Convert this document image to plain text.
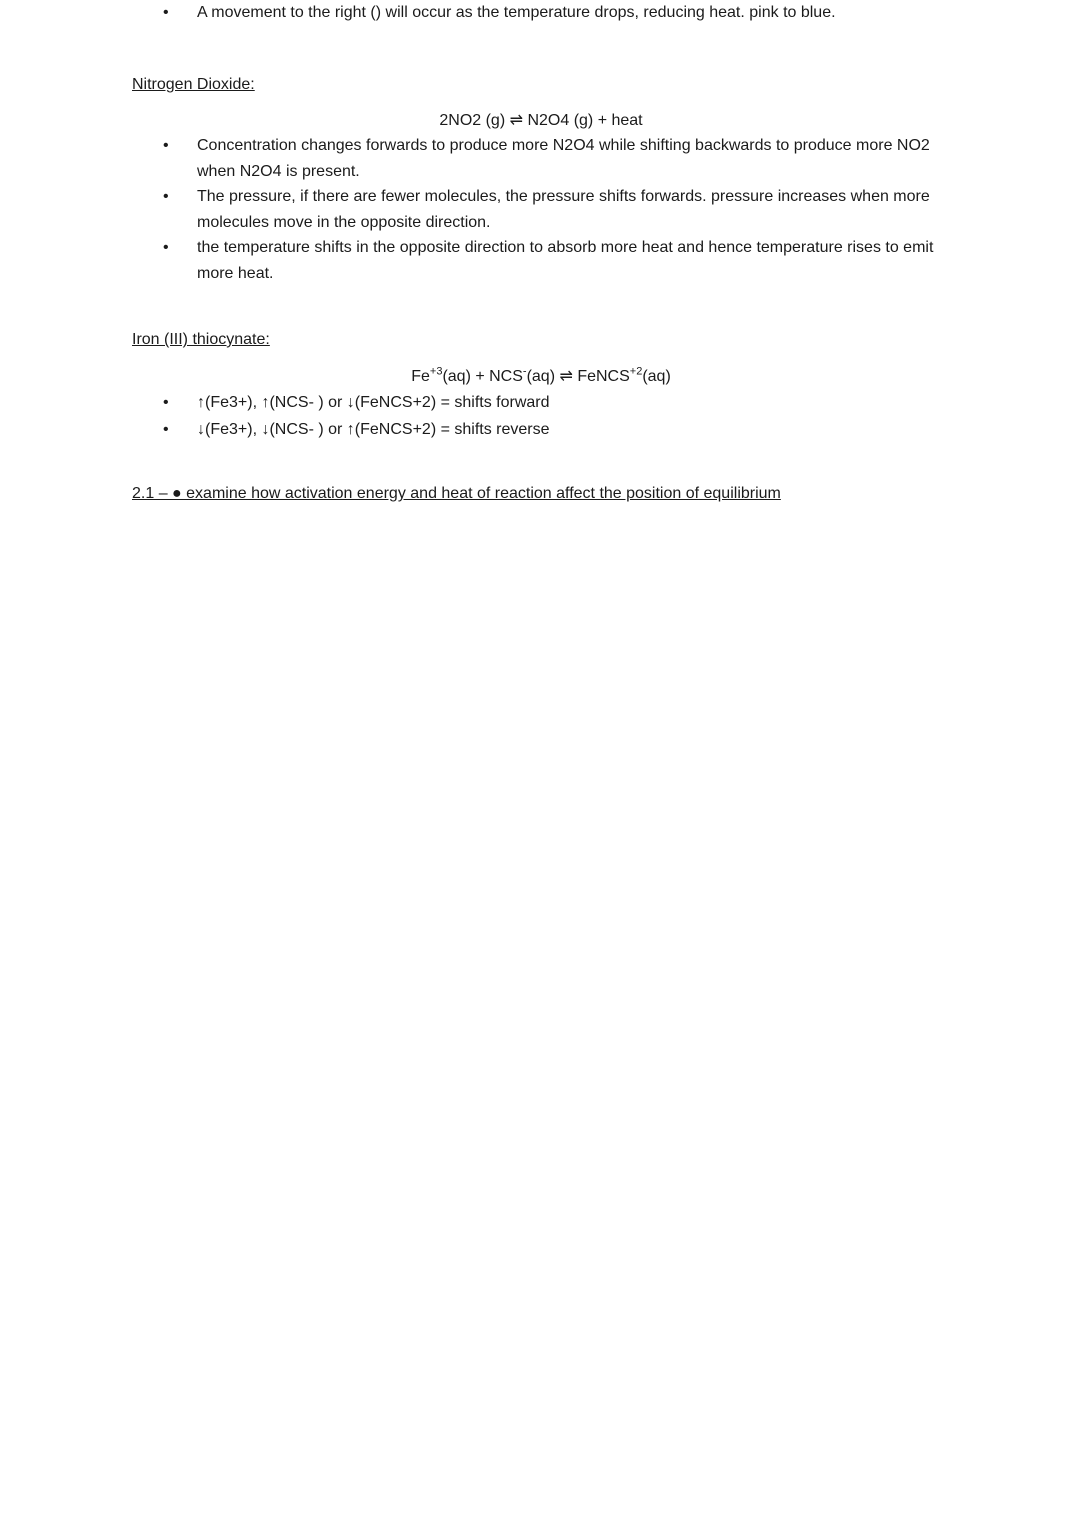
• A movement to the right () will occur as the temperature drops, reducing heat. pink to blue.
Nitrogen Dioxide:
2NO2 (g) ⇌ N2O4 (g) + heat
• Concentration changes forwards to produce more N2O4 while shifting backwards to produce more NO2 when N2O4 is present.
• The pressure, if there are fewer molecules, the pressure shifts forwards. pressure increases when more molecules move in the opposite direction.
• the temperature shifts in the opposite direction to absorb more heat and hence temperature rises to emit more heat.
Iron (III) thiocynate:
$Fe^{+3}(aq) + NCS^-(aq)$ ⇌ FeNCS$^{+2}$(aq)
• ↑(Fe3+), ↑(NCS- ) or ↓(FeNCS+2) = shifts forward
• ↓(Fe3+), ↓(NCS- ) or ↑(FeNCS+2) = shifts reverse
2.1 – ● examine how activation energy and heat of reaction affect the position of equilibrium
